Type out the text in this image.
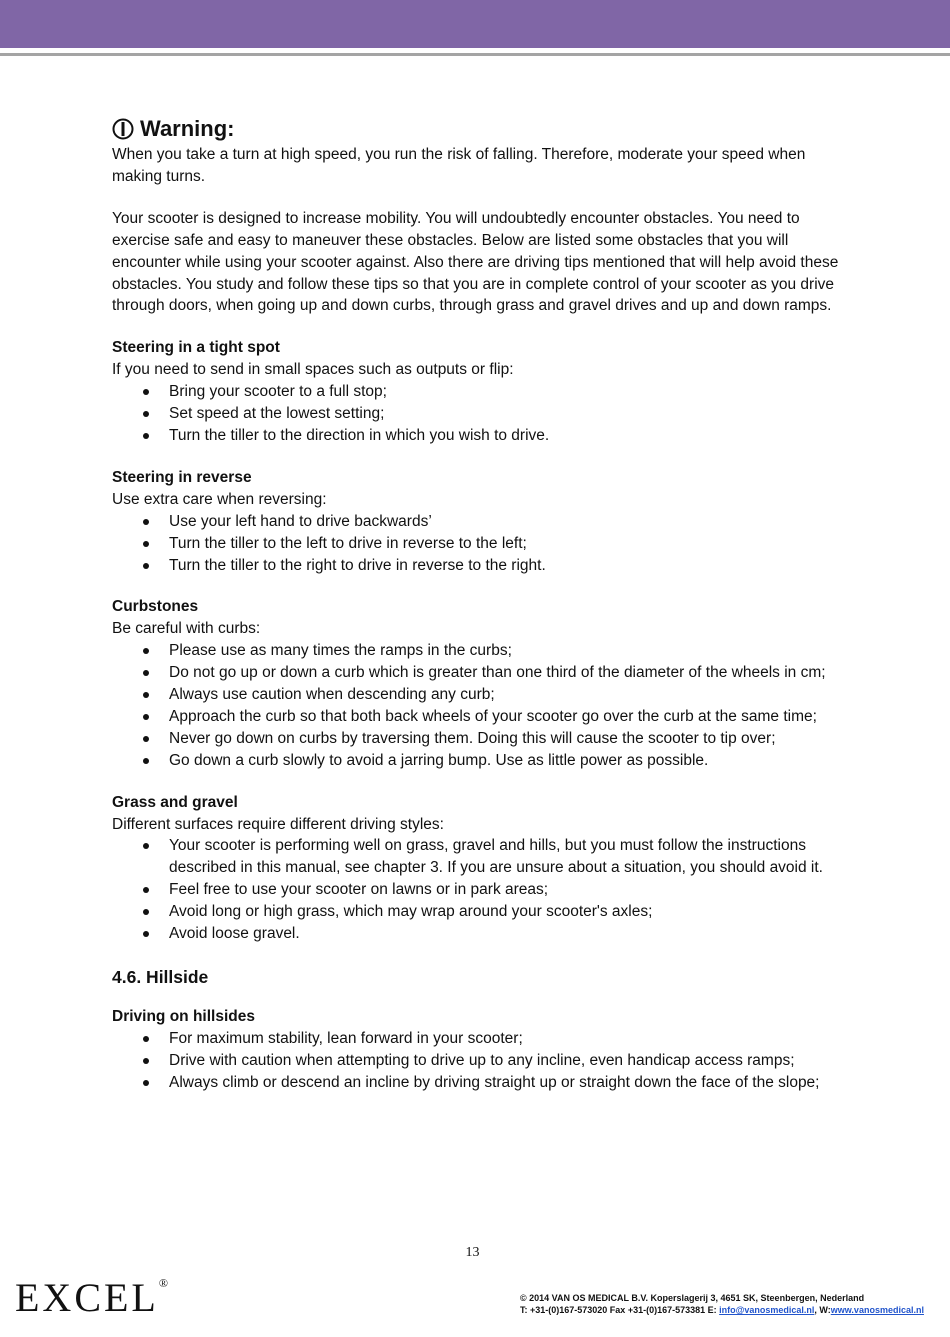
Warning:

When you take a turn at high speed, you run the risk of falling. Therefore, moderate your speed when making turns.

Your scooter is designed to increase mobility. You will undoubtedly encounter obstacles. You need to exercise safe and easy to maneuver these obstacles. Below are listed some obstacles that you will encounter while using your scooter against. Also there are driving tips mentioned that will help avoid these obstacles. You study and follow these tips so that you are in complete control of your scooter as you drive through doors, when going up and down curbs, through grass and gravel drives and up and down ramps.

Steering in a tight spot

If you need to send in small spaces such as outputs or flip:

Bring your scooter to a full stop;
Set speed at the lowest setting;
Turn the tiller to the direction in which you wish to drive.

Steering in reverse

Use extra care when reversing:

Use your left hand to drive backwards’
Turn the tiller to the left to drive in reverse to the left;
Turn the tiller to the right to drive in reverse to the right.

Curbstones

Be careful with curbs:

Please use as many times the ramps in the curbs;
Do not go up or down a curb which is greater than one third of the diameter of the wheels in cm;
Always use caution when descending any curb;
Approach the curb so that both back wheels of your scooter go over the curb at the same time;
Never go down on curbs by traversing them. Doing this will cause the scooter to tip over;
Go down a curb slowly to avoid a jarring bump. Use as little power as possible.

Grass and gravel

Different surfaces require different driving styles:

Your scooter is performing well on grass, gravel and hills, but you must follow the instructions described in this manual, see chapter 3. If you are unsure about a situation, you should avoid it.
Feel free to use your scooter on lawns or in park areas;
Avoid long or high grass, which may wrap around your scooter's axles;
Avoid loose gravel.

4.6. Hillside

Driving on hillsides

For maximum stability, lean forward in your scooter;
Drive with caution when attempting to drive up to any incline, even handicap access ramps;
Always climb or descend an incline by driving straight up or straight down the face of the slope;
13
EXCEL®
© 2014 VAN OS MEDICAL B.V. Koperslagerij 3, 4651 SK, Steenbergen, Nederland
T: +31-(0)167-573020 Fax +31-(0)167-573381 E: info@vanosmedical.nl, W:www.vanosmedical.nl
